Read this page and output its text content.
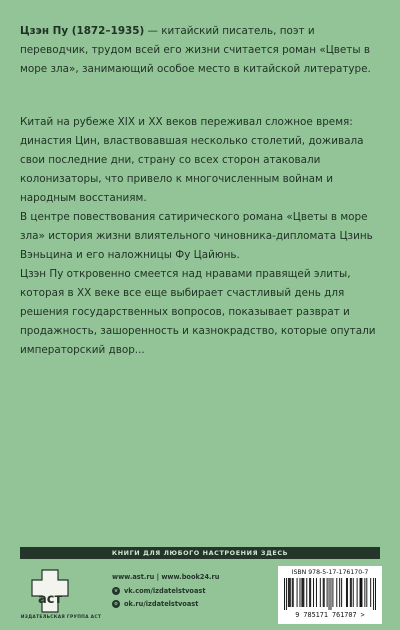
Цзэн Пу (1872–1935) — китайский писатель, поэт и переводчик, трудом всей его жизни считается роман «Цветы в море зла», занимающий особое место в китайской литературе.

Китай на рубеже XIX и XX веков переживал сложное время: династия Цин, властвовавшая несколько столетий, доживала свои последние дни, страну со всех сторон атаковали колонизаторы, что привело к многочисленным войнам и народным восстаниям.

В центре повествования сатирического романа «Цветы в море зла» история жизни влиятельного чиновника-дипломата Цзинь Вэньцина и его наложницы Фу Цайюнь.

Цзэн Пу откровенно смеется над нравами правящей элиты, которая в XX веке все еще выбирает счастливый день для решения государственных вопросов, показывает разврат и продажность, зашоренность и казнокрадство, которые опутали императорский двор...

КНИГИ ДЛЯ ЛЮБОГО НАСТРОЕНИЯ ЗДЕСЬ
аст
ИЗДАТЕЛЬСКАЯ ГРУППА АСТ
www.ast.ru | www.book24.ru
v vk.com/izdatelstvoast
o ok.ru/izdatelstvoast
ISBN 978-5-17-176170-7
9 785171 761707 >
